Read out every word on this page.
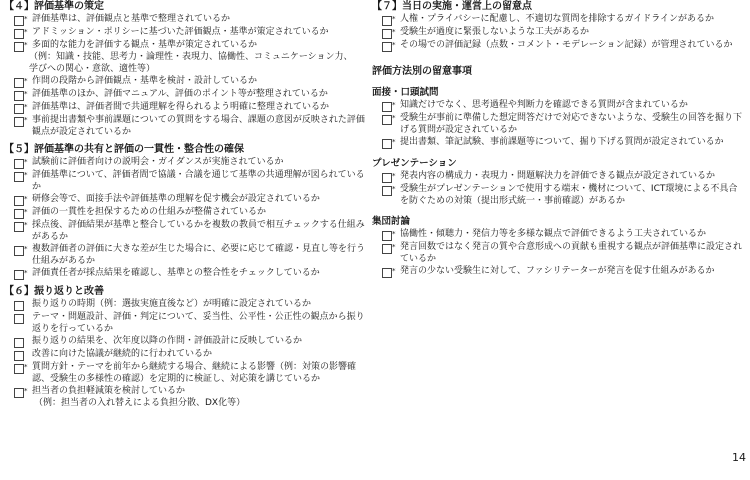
【４】評価基準の策定
* 評価基準は、評価観点と基準で整理されているか
* アドミッション・ポリシーに基づいた評価観点・基準が策定されているか
* 多面的な能力を評価する観点・基準が策定されているか
（例：知識・技能、思考力・論理性・表現力、協働性、コミュニケーション力、
学びへの関心・意欲、適性等）
* 作問の段階から評価観点・基準を検討・設計しているか
* 評価基準のほか、評価マニュアル、評価のポイント等が整理されているか
* 評価基準は、評価者間で共通理解を得られるよう明確に整理されているか
* 事前提出書類や事前課題についての質問をする場合、課題の意図が反映された評価観点が設定されているか
【５】評価基準の共有と評価の一貫性・整合性の確保
* 試験前に評価者向けの説明会・ガイダンスが実施されているか
* 評価基準について、評価者間で協議・合議を通じて基準の共通理解が図られているか
* 研修会等で、面接手法や評価基準の理解を促す機会が設定されているか
* 評価の一貫性を担保するための仕組みが整備されているか
* 採点後、評価結果が基準と整合しているかを複数の教員で相互チェックする仕組みがあるか
* 複数評価者の評価に大きな差が生じた場合に、必要に応じて確認・見直し等を行う仕組みがあるか
* 評価責任者が採点結果を確認し、基準との整合性をチェックしているか
【６】振り返りと改善
振り返りの時期（例：選抜実施直後など）が明確に設定されているか
テーマ・問題設計、評価・判定について、妥当性、公平性・公正性の観点から振り返りを行っているか
振り返りの結果を、次年度以降の作問・評価設計に反映しているか
改善に向けた協議が継続的に行われているか
* 質問方針・テーマを前年から継続する場合、継続による影響（例：対策の影響確認、受験生の多様性の確認）を定期的に検証し、対応策を講じているか
* 担当者の負担軽減策を検討しているか
（例：担当者の入れ替えによる負担分散、DX化等）
【７】当日の実施・運営上の留意点
* 人権・プライバシーに配慮し、不適切な質問を排除するガイドラインがあるか
* 受験生が過度に緊張しないような工夫があるか
* その場での評価記録（点数・コメント・モデレーション記録）が管理されているか
評価方法別の留意事項
面接・口頭試問
* 知識だけでなく、思考過程や判断力を確認できる質問が含まれているか
* 受験生が事前に準備した想定問答だけで対応できないような、受験生の回答を掘り下げる質問が設定されているか
* 提出書類、筆記試験、事前課題等について、掘り下げる質問が設定されているか
プレゼンテーション
* 発表内容の構成力・表現力・問題解決力を評価できる観点が設定されているか
* 受験生がプレゼンテーションで使用する端末・機材について、ICT環境による不具合を防ぐための対策（提出形式統一・事前確認）があるか
集団討論
* 協働性・傾聴力・発信力等を多様な観点で評価できるよう工夫されているか
* 発言回数ではなく発言の質や合意形成への貢献も重視する観点が評価基準に設定されているか
* 発言の少ない受験生に対して、ファシリテーターが発言を促す仕組みがあるか
14
